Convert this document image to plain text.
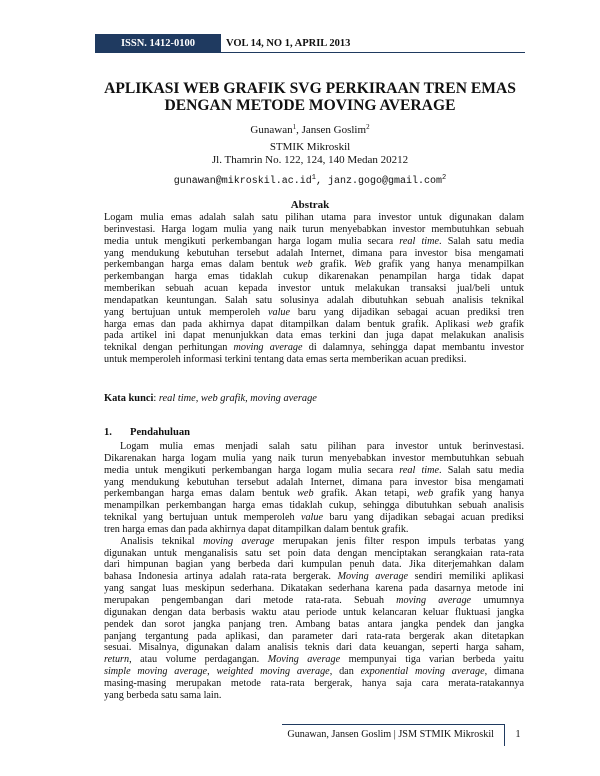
ISSN. 1412-0100	VOL 14, NO 1, APRIL 2013
APLIKASI WEB GRAFIK SVG PERKIRAAN TREN EMAS
DENGAN METODE MOVING AVERAGE
Gunawan$^1$, Jansen Goslim$^2$
STMIK Mikroskil
Jl. Thamrin No. 122, 124, 140 Medan 20212
$gunawan@mikroskil.ac.id^1$, janz.gogo@gmail.com$^2$
Abstrak
Logam mulia emas adalah salah satu pilihan utama para investor untuk digunakan dalam
berinvestasi. Harga logam mulia yang naik turun menyebabkan investor membutuhkan sebuah
media untuk mengikuti perkembangan harga logam mulia secara real time. Salah satu media
yang mendukung kebutuhan tersebut adalah Internet, dimana para investor bisa mengamati
perkembangan harga emas dalam bentuk web grafik. Web grafik yang hanya menampilkan
perkembangan harga emas tidaklah cukup dikarenakan penampilan harga tidak dapat
memberikan sebuah acuan kepada investor untuk melakukan transaksi jual/beli untuk
mendapatkan keuntungan. Salah satu solusinya adalah dibutuhkan sebuah analisis teknikal
yang bertujuan untuk memperoleh value baru yang dijadikan sebagai acuan prediksi tren
harga emas dan pada akhirnya dapat ditampilkan dalam bentuk grafik. Aplikasi web grafik
pada artikel ini dapat menunjukkan data emas terkini dan juga dapat melakukan analisis
teknikal dengan perhitungan moving average di dalamnya, sehingga dapat membantu investor
untuk memperoleh informasi terkini tentang data emas serta memberikan acuan prediksi.
Kata kunci: real time, web grafik, moving average
1. Pendahuluan
Logam mulia emas menjadi salah satu pilihan para investor untuk berinvestasi.
Dikarenakan harga logam mulia yang naik turun menyebabkan investor membutuhkan sebuah
media untuk mengikuti perkembangan harga logam mulia secara real time. Salah satu media
yang mendukung kebutuhan tersebut adalah Internet, dimana para investor bisa mengamati
perkembangan harga emas dalam bentuk web grafik. Akan tetapi, web grafik yang hanya
menampilkan perkembangan harga emas tidaklah cukup, sehingga dibutuhkan sebuah analisis
teknikal yang bertujuan untuk memperoleh value baru yang dijadikan sebagai acuan prediksi
tren harga emas dan pada akhirnya dapat ditampilkan dalam bentuk grafik.
Analisis teknikal moving average merupakan jenis filter respon impuls terbatas yang
digunakan untuk menganalisis satu set poin data dengan menciptakan serangkaian rata-rata
dari himpunan bagian yang berbeda dari kumpulan penuh data. Jika diterjemahkan dalam
bahasa Indonesia artinya adalah rata-rata bergerak. Moving average sendiri memiliki aplikasi
yang sangat luas meskipun sederhana. Dikatakan sederhana karena pada dasarnya metode ini
merupakan pengembangan dari metode rata-rata. Sebuah moving average umumnya
digunakan dengan data berbasis waktu atau periode untuk kelancaran keluar fluktuasi jangka
pendek dan sorot jangka panjang tren. Ambang batas antara jangka pendek dan jangka
panjang tergantung pada aplikasi, dan parameter dari rata-rata bergerak akan ditetapkan
sesuai. Misalnya, digunakan dalam analisis teknis dari data keuangan, seperti harga saham,
return, atau volume perdagangan. Moving average mempunyai tiga varian berbeda yaitu
simple moving average, weighted moving average, dan exponential moving average, dimana
masing-masing merupakan metode rata-rata bergerak, hanya saja cara merata-ratakannya
yang berbeda satu sama lain.
Gunawan, Jansen Goslim | JSM STMIK Mikroskil	1
